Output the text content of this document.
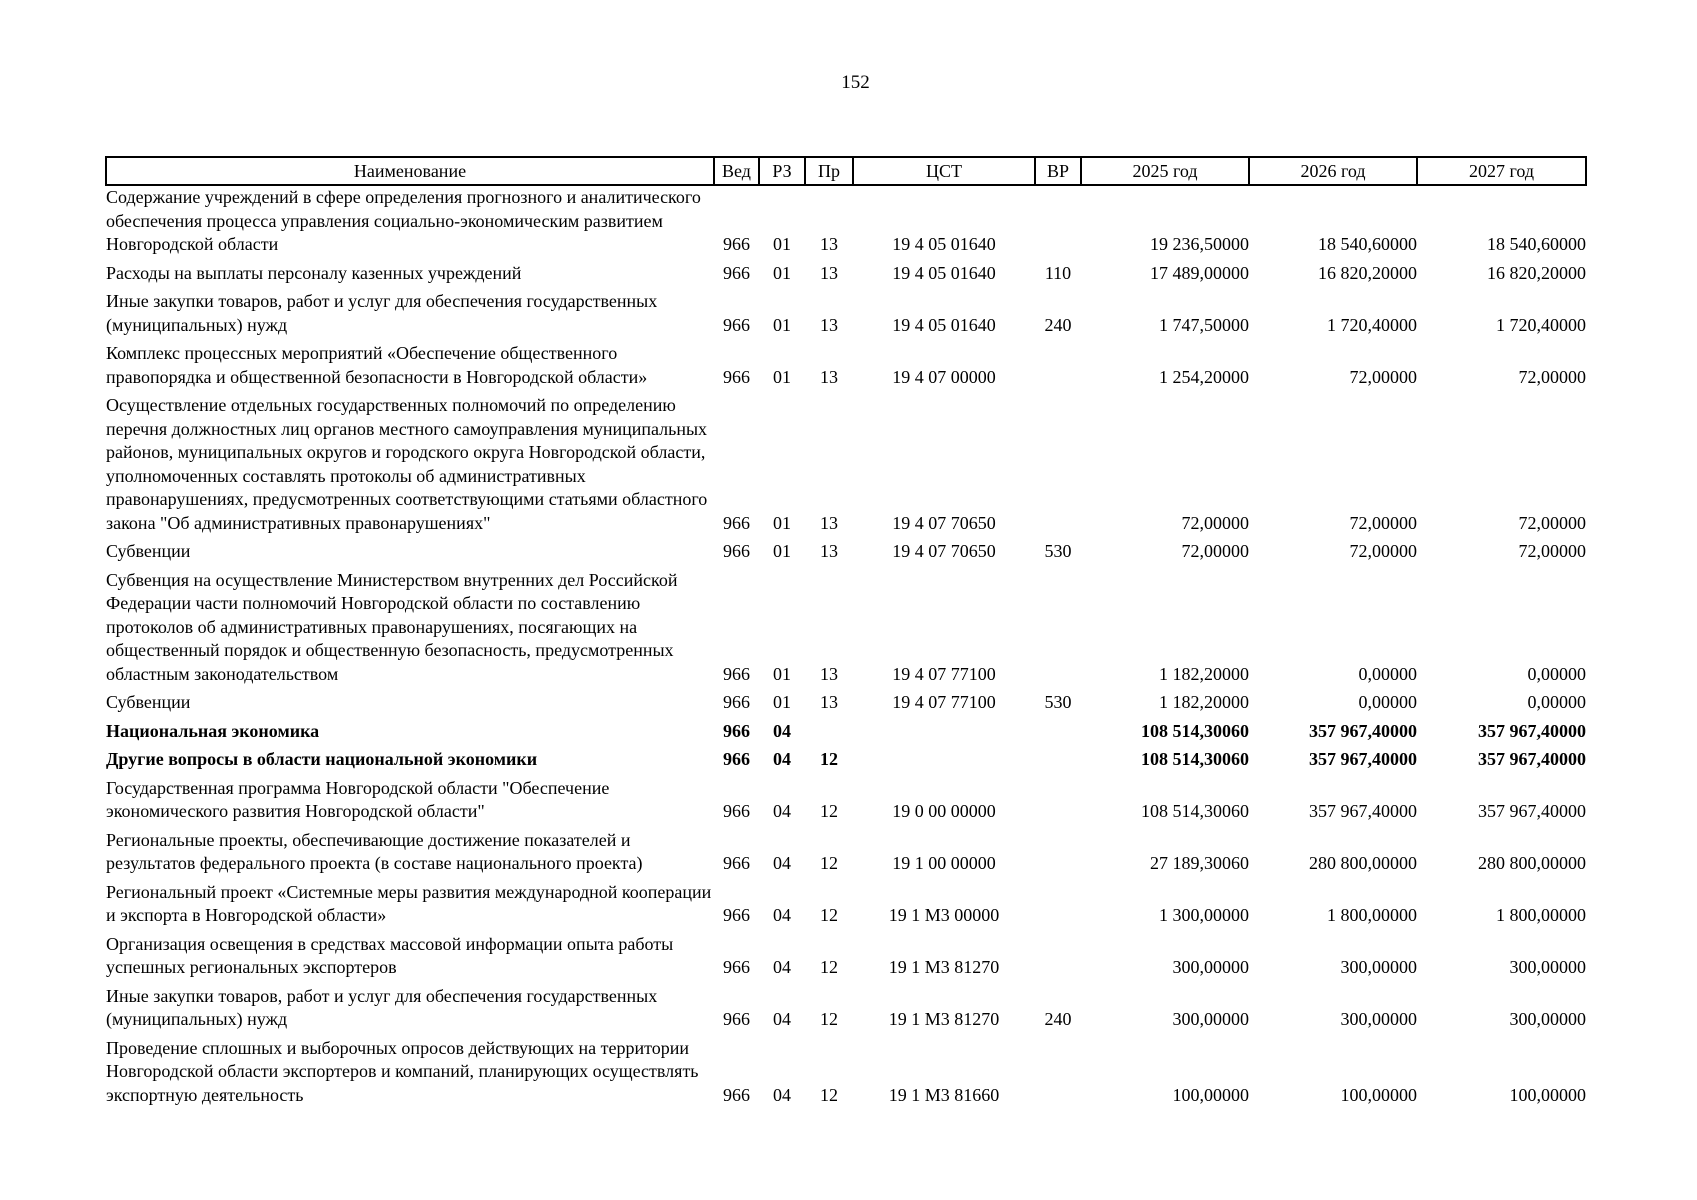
152
Наименование	Вед	РЗ	Пр	ЦСТ	ВР	2025 год	2026 год	2027 год
Содержание учреждений в сфере определения прогнозного и аналитического обеспечения процесса управления социально-экономическим развитием Новгородской области	966	01	13	19 4 05 01640		19 236,50000	18 540,60000	18 540,60000
Расходы на выплаты персоналу казенных учреждений	966	01	13	19 4 05 01640	110	17 489,00000	16 820,20000	16 820,20000
Иные закупки товаров, работ и услуг для обеспечения государственных (муниципальных) нужд	966	01	13	19 4 05 01640	240	1 747,50000	1 720,40000	1 720,40000
Комплекс процессных мероприятий «Обеспечение общественного правопорядка и общественной безопасности в Новгородской области»	966	01	13	19 4 07 00000		1 254,20000	72,00000	72,00000
Осуществление отдельных государственных полномочий по определению перечня должностных лиц органов местного самоуправления муниципальных районов, муниципальных округов и городского округа Новгородской области, уполномоченных составлять протоколы об административных правонарушениях, предусмотренных соответствующими статьями областного закона "Об административных правонарушениях"	966	01	13	19 4 07 70650		72,00000	72,00000	72,00000
Субвенции	966	01	13	19 4 07 70650	530	72,00000	72,00000	72,00000
Субвенция на осуществление Министерством внутренних дел Российской Федерации части полномочий Новгородской области по составлению протоколов об административных правонарушениях, посягающих на общественный порядок и общественную безопасность, предусмотренных областным законодательством	966	01	13	19 4 07 77100		1 182,20000	0,00000	0,00000
Субвенции	966	01	13	19 4 07 77100	530	1 182,20000	0,00000	0,00000
Национальная экономика	966	04				108 514,30060	357 967,40000	357 967,40000
Другие вопросы в области национальной экономики	966	04	12			108 514,30060	357 967,40000	357 967,40000
Государственная программа Новгородской области "Обеспечение экономического развития Новгородской области"	966	04	12	19 0 00 00000		108 514,30060	357 967,40000	357 967,40000
Региональные проекты, обеспечивающие достижение показателей и результатов федерального проекта (в составе национального проекта)	966	04	12	19 1 00 00000		27 189,30060	280 800,00000	280 800,00000
Региональный проект «Системные меры развития международной кооперации и экспорта в Новгородской области»	966	04	12	19 1 М3 00000		1 300,00000	1 800,00000	1 800,00000
Организация освещения в средствах массовой информации опыта работы успешных региональных экспортеров	966	04	12	19 1 М3 81270		300,00000	300,00000	300,00000
Иные закупки товаров, работ и услуг для обеспечения государственных (муниципальных) нужд	966	04	12	19 1 М3 81270	240	300,00000	300,00000	300,00000
Проведение сплошных и выборочных опросов действующих на территории Новгородской области экспортеров и компаний, планирующих осуществлять экспортную деятельность	966	04	12	19 1 М3 81660		100,00000	100,00000	100,00000
